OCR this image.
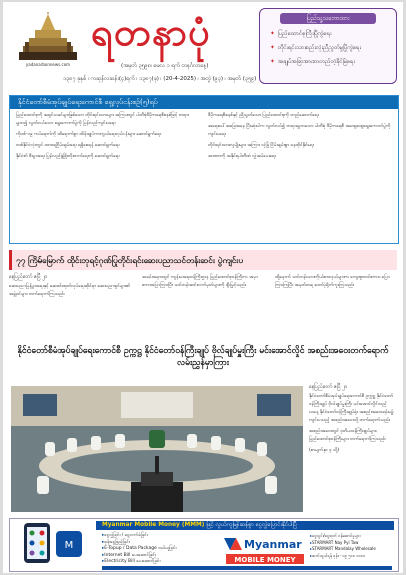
yadanarbonnews.com
ရတနာပုံ
(အမှတ် ၃၅၉၈၊ မေလ ၁ ရက် တနင်္ဂလာနေ့)
၁၃၈၇ ခုနှစ် ၊ ကဆုန်လဆန်း(၄)ရက် ၊ ၁၃၈၇(ခု) ၊ (20-4-2025) ၊ အတွဲ (၉၃) ၊ အမှတ် (၃၅၉)
ပြည်သူ့သဘောထား
✦ ပြည်ထောင်စုကြီးပြိုကွဲရေး
✦ တိုင်းရင်းသားစည်းလုံးညီညွတ်မှုပြိုကွဲရေး
✦ အချုပ်အခြာအာဏာတည်တံ့ခိုင်မြဲရေး
နိုင်ငံတော်စီမံအုပ်ချုပ်ရေးကောင်စီ ရှေ့လုပ်ငန်းစဉ်(၅)ရပ်

ပြည်ထောင်စုကို အရှင်သခင်များဖြစ်သော တိုင်းရင်းသားများ အကြားတွင် ပါတီစုံဒီမိုကရေစီစနစ်ဖြင့် တရားမျှတ၍ လွတ်လပ်သော ရွေးကောက်ပွဲကို ပြန်လည်ကျင်းပရေး

ကိုဗစ်-၁၉ ကပ်ရောဂါကို ထိရောက်စွာ ထိန်းချုပ်ကာကွယ်ရေးလုပ်ငန်းများ ဆောင်ရွက်ရေး

တစ်နိုင်ငံလုံးတွင် ထာဝရငြိမ်းချမ်းရေး ရရှိစေရန် ဆောင်ရွက်ရေး

နိုင်ငံ၏ စီးပွားရေး ပြန်လည်ဖွံ့ဖြိုးတိုးတက်ရေးကို ဆောင်ရွက်ရေး

ဒီမိုကရေစီစနစ်နှင့် ညီညွတ်သော ပြည်ထောင်စုကို တည်ဆောက်ရေး

အရေးပေါ်အခြေအနေ ပြီးဆုံးပါက လွတ်လပ်၍ တရားမျှတသော ပါတီစုံ ဒီမိုကရေစီ အထွေထွေရွေးကောက်ပွဲကို ကျင်းပရေး

တိုင်းရင်းသားလူမျိုးများ အကြား လုံခြုံ ငြိမ်းချမ်းစွာ နေထိုင်နိုင်ရေး

အာဏာကို အနိုင်ရပါတီထံ လွှဲအပ်ပေးရေး

၇၇ ကြိမ်မြောက် ထိုင်းဘုရင့်ဂုဏ်ပြုတိုင်းရင်းဆေးပညာသင်တန်းဆင်း ပွဲကျင်းပ
နေပြည်တော် ဧပြီ ၂၀

ဆေးပညာပြန့်ပွားရေးနှင့် ဆေးဝါးထုတ်လုပ်ရေးဆိုင်ရာ ဆေးပညာရှင်များ၏ အဖွဲ့ဝင်များ တက်ရောက်ကြသည်။

အခမ်းအနားတွင် ကျန်းမာရေးဝန်ကြီးဌာန ပြည်ထောင်စုဝန်ကြီးက အမှာစကားပြောကြားပြီး သင်တန်းဆင်းလက်မှတ်များကို ချီးမြှင့်သည်။

ထို့နောက် သင်တန်းသားကိုယ်စားလှယ်များက ကျေးဇူးတင်စကား ပြောကြားကြပြီး အမှတ်တရ ဓာတ်ပုံရိုက်ကူးကြသည်။

နိုင်ငံတော်စီမံအုပ်ချုပ်ရေးကောင်စီ ဥက္ကဋ္ဌ နိုင်ငံတော်ဝန်ကြီးချုပ် ဗိုလ်ချုပ်မှူးကြီး မင်းအောင်လှိုင် အစည်းအဝေးတက်ရောက် လမ်းညွှန်မှာကြား
နေပြည်တော် ဧပြီ ၂၀

နိုင်ငံတော်စီမံအုပ်ချုပ်ရေးကောင်စီ ဥက္ကဋ္ဌ နိုင်ငံတော်ဝန်ကြီးချုပ် ဗိုလ်ချုပ်မှူးကြီး မင်းအောင်လှိုင်သည် ယနေ့ နိုင်ငံတော်ဝန်ကြီးချုပ်ရုံး အစည်းအဝေးခန်းမ၌ ကျင်းပသည့် အစည်းအဝေးသို့ တက်ရောက်သည်။

အစည်းအဝေးတွင် ဒုတိယဝန်ကြီးချုပ်များ၊ ပြည်ထောင်စုဝန်ကြီးများ တက်ရောက်ကြသည်။

(စာမျက်နှာ ၃ သို့)

M
Myanmar Mobile Money (MMM) ဖြင့် လွယ်ကူမြန်ဆန်စွာ ငွေလွှဲပြောင်းနိုင်ပါပြီ
▸ ငွေလွှဲခြင်း / ငွေလက်ခံခြင်း
▸ ဖုန်းငွေဖြည့်ခြင်း
▸ E-Topup / Data Package ဝယ်ယူခြင်း
▸ Internet Bill ပေးဆောင်ခြင်း
▸ Electricity Bill ပေးဆောင်ခြင်း
Myanmar
MOBILE MONEY
▸ ငွေသွင်း/ငွေထုတ် ဝန်ဆောင်မှုများ
▸ STARMART Nay Pyi Taw
▸ STARMART Mandalay Wholesale
▸ ဆက်သွယ်ရန် ဖုန်း - ၀၉ ၅၀၀ ၀၀၀၀
